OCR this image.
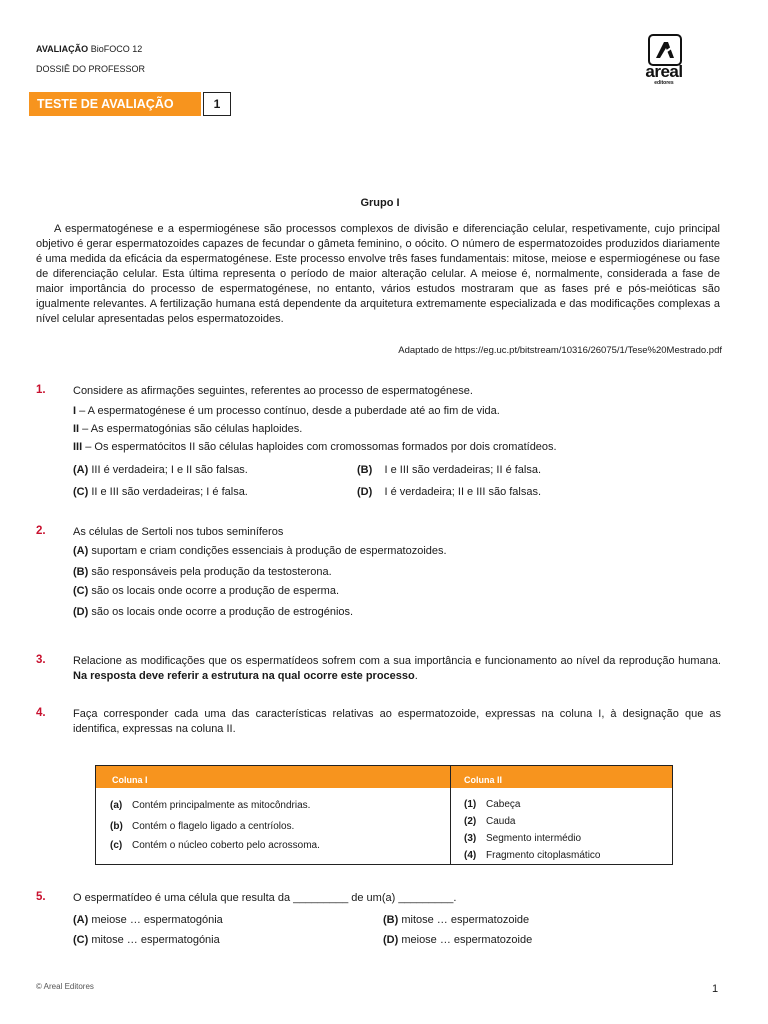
AVALIAÇÃO BioFOCO 12
DOSSIÊ DO PROFESSOR	areal
editores
TESTE DE AVALIAÇÃO	1
Grupo I

A espermatogénese e a espermiogénese são processos complexos de divisão e diferenciação celular, respetivamente, cujo principal objetivo é gerar espermatozoides capazes de fecundar o gâmeta feminino, o oócito. O número de espermatozoides produzidos diariamente é uma medida da eficácia da espermatogénese. Este processo envolve três fases fundamentais: mitose, meiose e espermiogénese ou fase de diferenciação celular. Esta última representa o período de maior alteração celular. A meiose é, normalmente, considerada a fase de maior importância do processo de espermatogénese, no entanto, vários estudos mostraram que as fases pré e pós-meióticas são igualmente relevantes. A fertilização humana está dependente da arquitetura extremamente especializada e das modificações complexas a nível celular apresentadas pelos espermatozoides.

Adaptado de https://eg.uc.pt/bitstream/10316/26075/1/Tese%20Mestrado.pdf
1. Considere as afirmações seguintes, referentes ao processo de espermatogénese.
I – A espermatogénese é um processo contínuo, desde a puberdade até ao fim de vida.
II – As espermatogónias são células haploides.
III – Os espermatócitos II são células haploides com cromossomas formados por dois cromatídeos.
(A) III é verdadeira; I e II são falsas.	(B) I e III são verdadeiras; II é falsa.
(C) II e III são verdadeiras; I é falsa.	(D) I é verdadeira; II e III são falsas.
2. As células de Sertoli nos tubos seminíferos
(A) suportam e criam condições essenciais à produção de espermatozoides.
(B) são responsáveis pela produção da testosterona.
(C) são os locais onde ocorre a produção de esperma.
(D) são os locais onde ocorre a produção de estrogénios.
3. Relacione as modificações que os espermatídeos sofrem com a sua importância e funcionamento ao nível da reprodução humana. Na resposta deve referir a estrutura na qual ocorre este processo.

4. Faça corresponder cada uma das características relativas ao espermatozoide, expressas na coluna I, à designação que as identifica, expressas na coluna II.

Coluna I	Coluna II
(a) Contém principalmente as mitocôndrias.
(b) Contém o flagelo ligado a centríolos.
(c) Contém o núcleo coberto pelo acrossoma.
(1) Cabeça
(2) Cauda
(3) Segmento intermédio
(4) Fragmento citoplasmático
5. O espermatídeo é uma célula que resulta da _________ de um(a) _________.
(A) meiose … espermatogónia	(B) mitose … espermatozoide
(C) mitose … espermatogónia	(D) meiose … espermatozoide
© Areal Editores	1
